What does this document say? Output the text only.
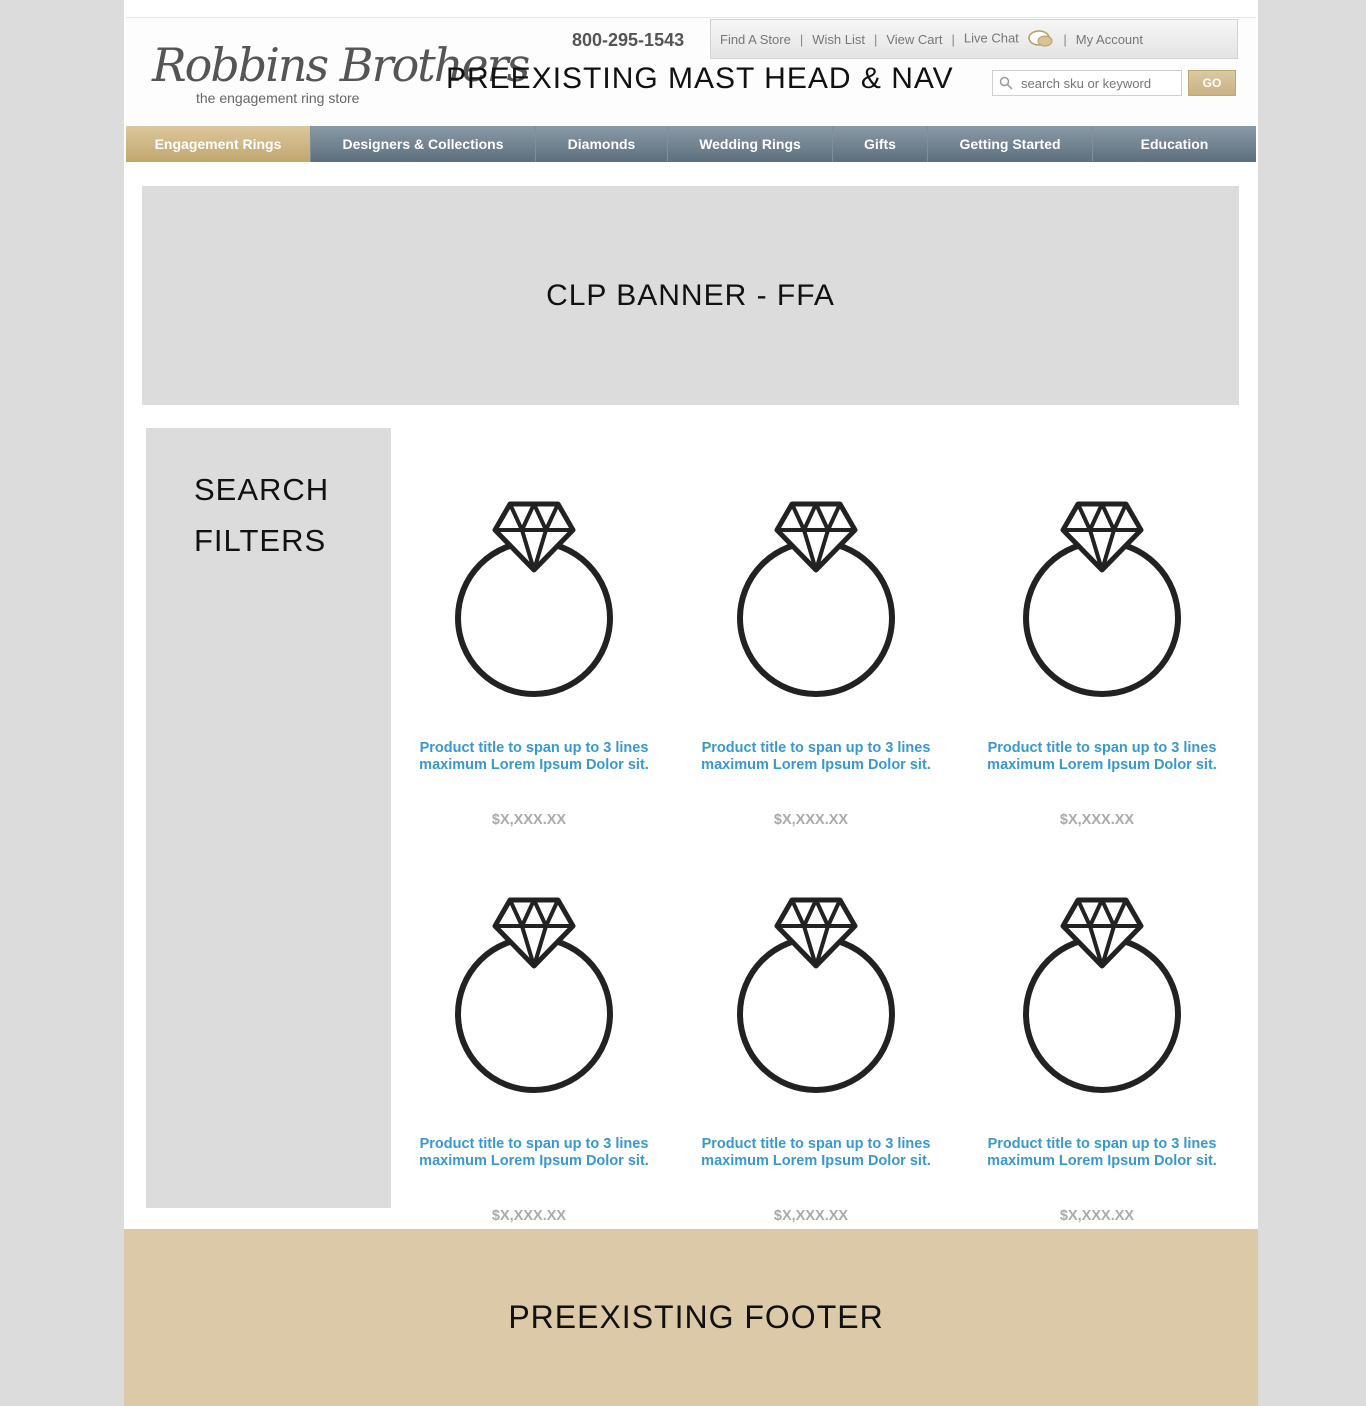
Robbins Brothers
the engagement ring store
800-295-1543	Find A Store | Wish List | View Cart | Live Chat	| My Account
PREEXISTING MAST HEAD & NAV
search sku or keyword	GO
Engagement Rings	Designers & Collections	Diamonds	Wedding Rings	Gifts	Getting Started	Education
CLP BANNER - FFA
SEARCH FILTERS
Product title to span up to 3 lines maximum Lorem Ipsum Dolor sit.
$X,XXX.XX
Product title to span up to 3 lines maximum Lorem Ipsum Dolor sit.
$X,XXX.XX
Product title to span up to 3 lines maximum Lorem Ipsum Dolor sit.
$X,XXX.XX
Product title to span up to 3 lines maximum Lorem Ipsum Dolor sit.
$X,XXX.XX
Product title to span up to 3 lines maximum Lorem Ipsum Dolor sit.
$X,XXX.XX
Product title to span up to 3 lines maximum Lorem Ipsum Dolor sit.
$X,XXX.XX
PREEXISTING FOOTER
